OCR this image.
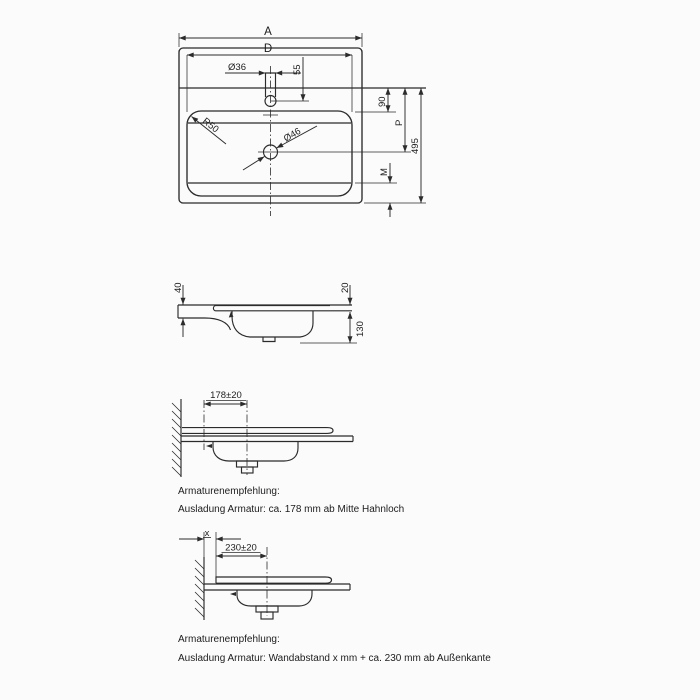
A
D
Ø36	55
R50	Ø46
90
P
495
M
40	20
130
178±20
Armaturenempfehlung:
Ausladung Armatur: ca. 178 mm ab Mitte Hahnloch
x
230±20
Armaturenempfehlung:
Ausladung Armatur: Wandabstand x mm + ca. 230 mm ab Außenkante
